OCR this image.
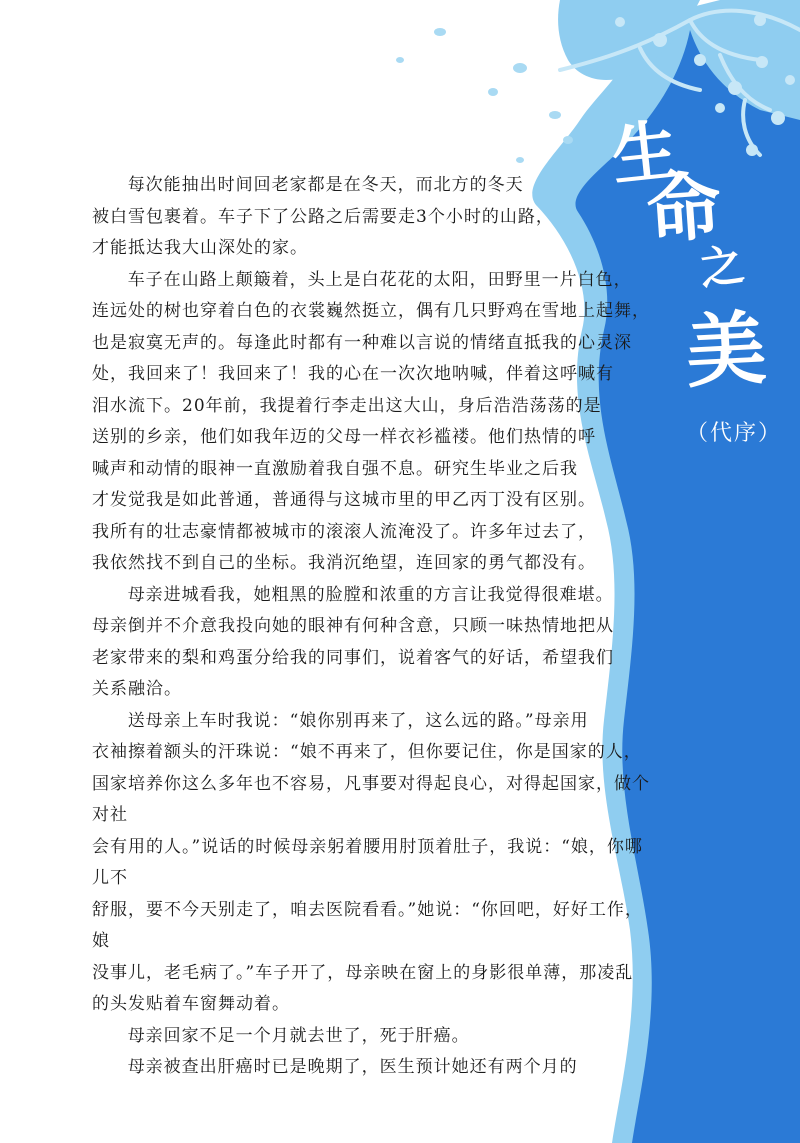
生
命
之
美
（代序）

每次能抽出时间回老家都是在冬天，而北方的冬天

被白雪包裹着。车子下了公路之后需要走3个小时的山路，

才能抵达我大山深处的家。

车子在山路上颠簸着，头上是白花花的太阳，田野里一片白色，

连远处的树也穿着白色的衣裳巍然挺立，偶有几只野鸡在雪地上起舞，

也是寂寞无声的。每逢此时都有一种难以言说的情绪直抵我的心灵深

处，我回来了！我回来了！我的心在一次次地呐喊，伴着这呼喊有

泪水流下。20年前，我提着行李走出这大山，身后浩浩荡荡的是

送别的乡亲，他们如我年迈的父母一样衣衫褴褛。他们热情的呼

喊声和动情的眼神一直激励着我自强不息。研究生毕业之后我

才发觉我是如此普通，普通得与这城市里的甲乙丙丁没有区别。

我所有的壮志豪情都被城市的滚滚人流淹没了。许多年过去了，

我依然找不到自己的坐标。我消沉绝望，连回家的勇气都没有。

母亲进城看我，她粗黑的脸膛和浓重的方言让我觉得很难堪。

母亲倒并不介意我投向她的眼神有何种含意，只顾一味热情地把从

老家带来的梨和鸡蛋分给我的同事们，说着客气的好话，希望我们

关系融洽。

送母亲上车时我说：“娘你别再来了，这么远的路。”母亲用

衣袖擦着额头的汗珠说：“娘不再来了，但你要记住，你是国家的人，

国家培养你这么多年也不容易，凡事要对得起良心，对得起国家，做个对社

会有用的人。”说话的时候母亲躬着腰用肘顶着肚子，我说：“娘，你哪儿不

舒服，要不今天别走了，咱去医院看看。”她说：“你回吧，好好工作，娘

没事儿，老毛病了。”车子开了，母亲映在窗上的身影很单薄，那凌乱

的头发贴着车窗舞动着。

母亲回家不足一个月就去世了，死于肝癌。

母亲被查出肝癌时已是晚期了，医生预计她还有两个月的
